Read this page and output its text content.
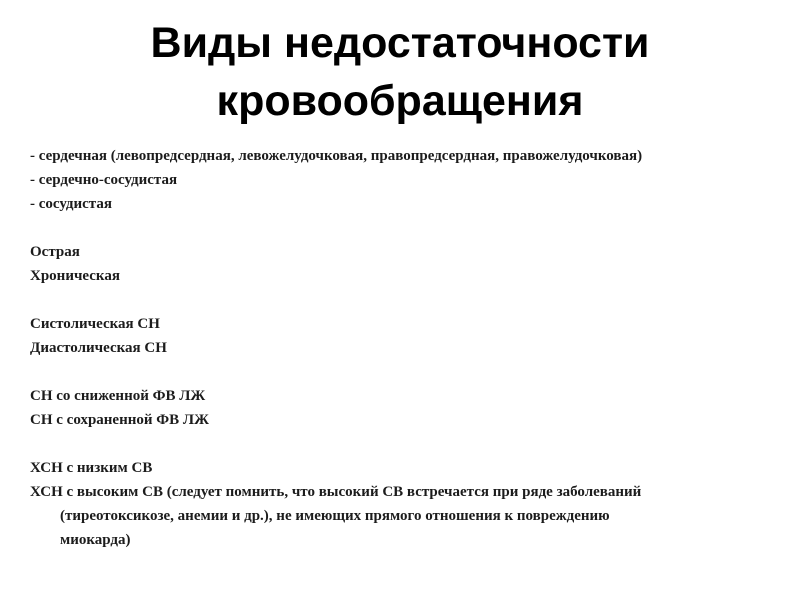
Виды недостаточности
кровообращения
- сердечная (левопредсердная, левожелудочковая, правопредсердная, правожелудочковая)
- сердечно-сосудистая
- сосудистая
Острая
Хроническая
Систолическая СН
Диастолическая СН
СН со сниженной ФВ ЛЖ
СН с сохраненной ФВ ЛЖ
ХСН с низким СВ
ХСН с высоким СВ (следует помнить, что высокий СВ встречается при ряде заболеваний
(тиреотоксикозе, анемии и др.), не имеющих прямого отношения к повреждению
миокарда)
